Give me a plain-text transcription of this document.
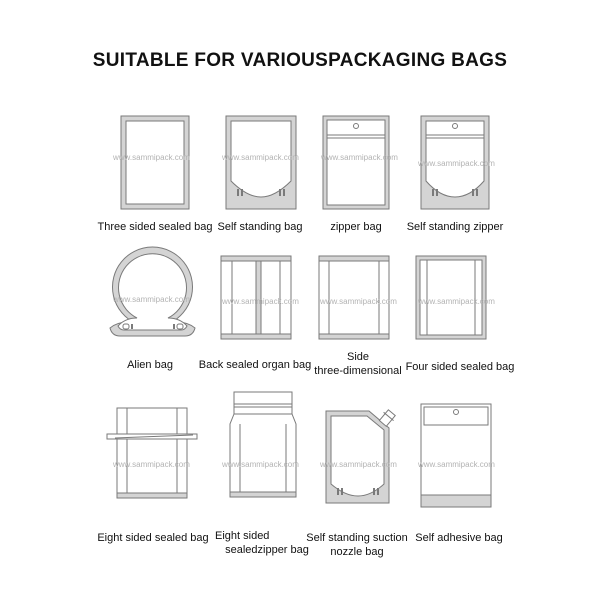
SUITABLE FOR VARIOUSPACKAGING BAGS
www.sammipack.com
Three sided sealed bag
www.sammipack.com
Self standing bag
www.sammipack.com
zipper bag
www.sammipack.com
Self standing zipper
www.sammipack.com
Alien bag
www.sammipack.com
Back sealed organ bag
www.sammipack.com
Side
three-dimensional
www.sammipack.com
Four sided sealed bag
www.sammipack.com
Eight sided sealed bag
www.sammipack.com
Eight sided
sealedzipper bag
www.sammipack.com
Self standing suction
nozzle bag
www.sammipack.com
Self adhesive bag
